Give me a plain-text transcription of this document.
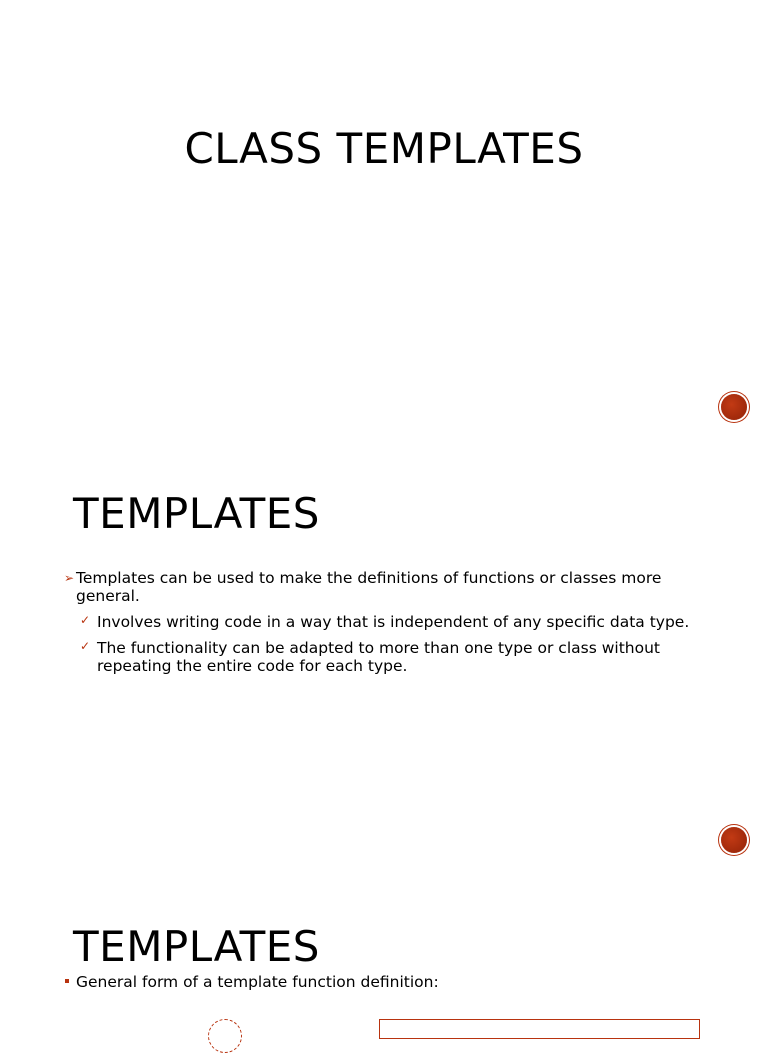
CLASS TEMPLATES
TEMPLATES
➢ Templates can be used to make the definitions of functions or classes more general.
✓ Involves writing code in a way that is independent of any specific data type.
✓ The functionality can be adapted to more than one type or class without repeating the entire code for each type.
TEMPLATES
General form of a template function definition:
